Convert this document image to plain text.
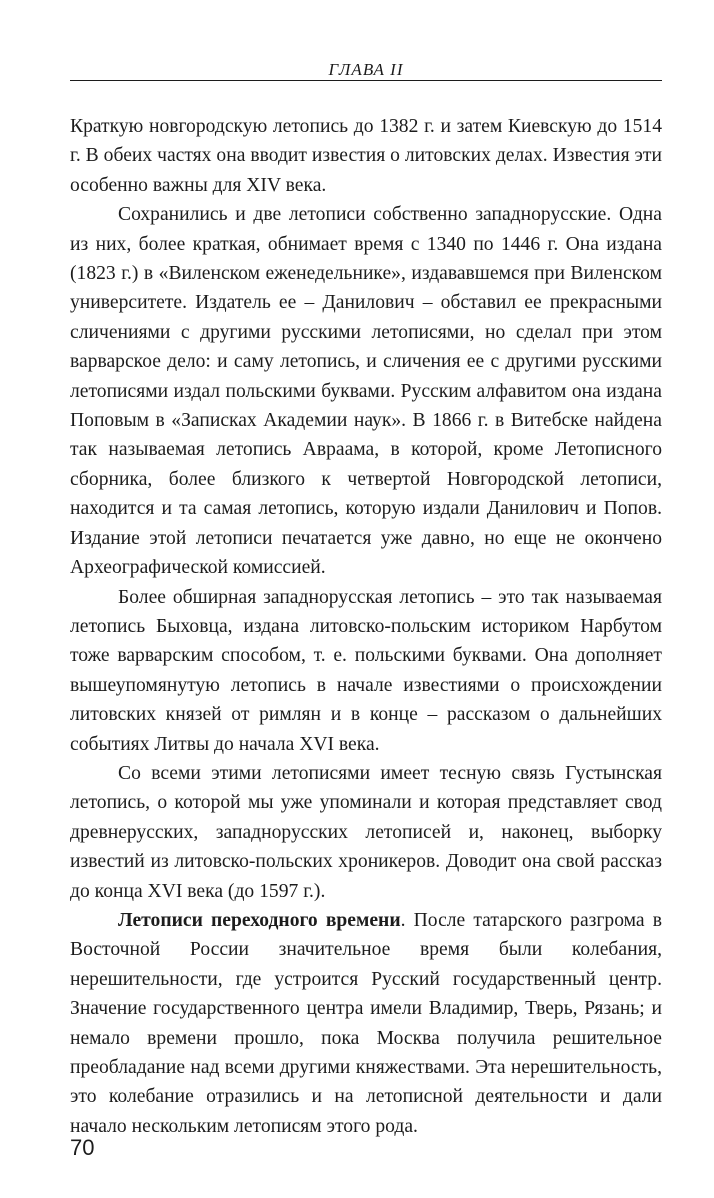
ГЛАВА II

Краткую новгородскую летопись до 1382 г. и затем Киевскую до 1514 г. В обеих частях она вводит известия о литовских делах. Известия эти особенно важны для XIV века.

Сохранились и две летописи собственно западнорусские. Одна из них, более краткая, обнимает время с 1340 по 1446 г. Она издана (1823 г.) в «Виленском еженедельнике», издававшемся при Виленском университете. Издатель ее – Данилович – обставил ее прекрасными сличениями с другими русскими летописями, но сделал при этом варварское дело: и саму летопись, и сличения ее с другими русскими летописями издал польскими буквами. Русским алфавитом она издана Поповым в «Записках Академии наук». В 1866 г. в Витебске найдена так называемая летопись Авраама, в которой, кроме Летописного сборника, более близкого к четвертой Новгородской летописи, находится и та самая летопись, которую издали Данилович и Попов. Издание этой летописи печатается уже давно, но еще не окончено Археографической комиссией.

Более обширная западнорусская летопись – это так называемая летопись Быховца, издана литовско-польским историком Нарбутом тоже варварским способом, т. е. польскими буквами. Она дополняет вышеупомянутую летопись в начале известиями о происхождении литовских князей от римлян и в конце – рассказом о дальнейших событиях Литвы до начала XVI века.

Со всеми этими летописями имеет тесную связь Густынская летопись, о которой мы уже упоминали и которая представляет свод древнерусских, западнорусских летописей и, наконец, выборку известий из литовско-польских хроникеров. Доводит она свой рассказ до конца XVI века (до 1597 г.).

Летописи переходного времени. После татарского разгрома в Восточной России значительное время были колебания, нерешительности, где устроится Русский государственный центр. Значение государственного центра имели Владимир, Тверь, Рязань; и немало времени прошло, пока Москва получила решительное преобладание над всеми другими княжествами. Эта нерешительность, это колебание отразились и на летописной деятельности и дали начало нескольким летописям этого рода.

70
